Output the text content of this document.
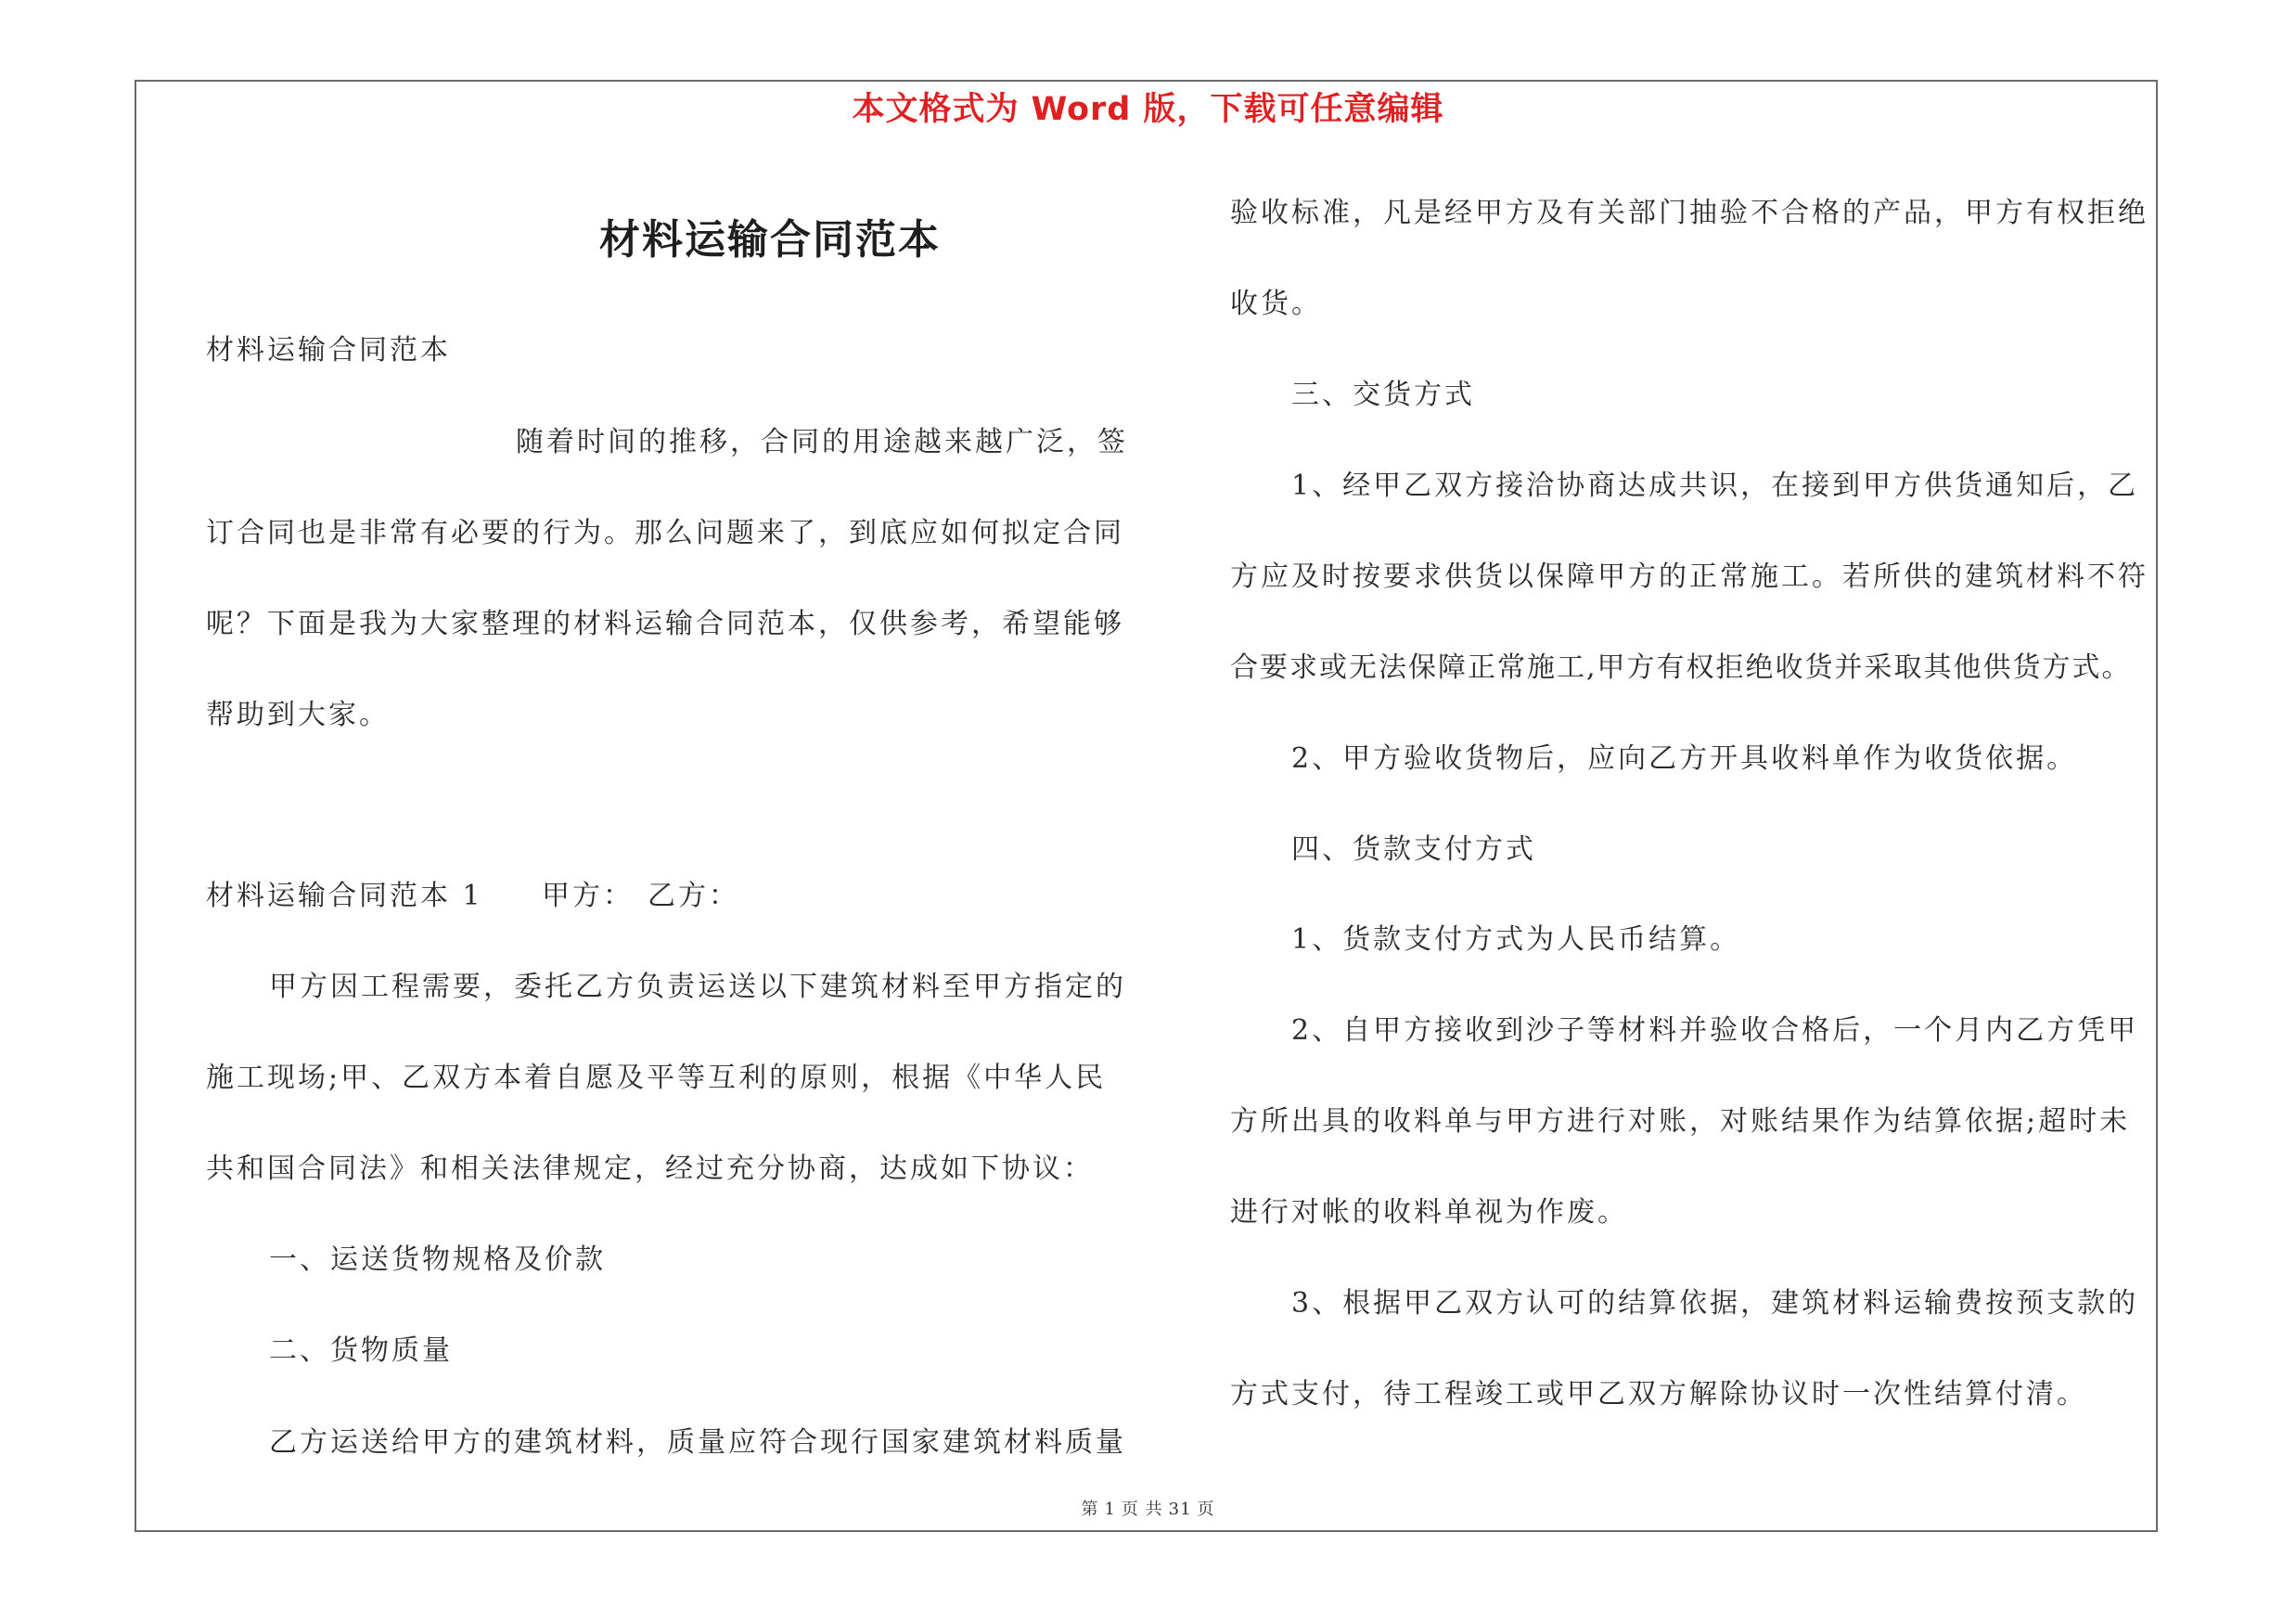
本文格式为 Word 版，下载可任意编辑
材料运输合同范本
材料运输合同范本
随着时间的推移，合同的用途越来越广泛，签
订合同也是非常有必要的行为。那么问题来了，到底应如何拟定合同
呢？下面是我为大家整理的材料运输合同范本，仅供参考，希望能够
帮助到大家。
材料运输合同范本 1 甲方： 乙方：
甲方因工程需要，委托乙方负责运送以下建筑材料至甲方指定的
施工现场;甲、乙双方本着自愿及平等互利的原则，根据《中华人民
共和国合同法》和相关法律规定，经过充分协商，达成如下协议：
一、运送货物规格及价款
二、货物质量
乙方运送给甲方的建筑材料，质量应符合现行国家建筑材料质量
验收标准，凡是经甲方及有关部门抽验不合格的产品，甲方有权拒绝
收货。
三、交货方式
1、经甲乙双方接洽协商达成共识，在接到甲方供货通知后，乙
方应及时按要求供货以保障甲方的正常施工。若所供的建筑材料不符
合要求或无法保障正常施工,甲方有权拒绝收货并采取其他供货方式。
2、甲方验收货物后，应向乙方开具收料单作为收货依据。
四、货款支付方式
1、货款支付方式为人民币结算。
2、自甲方接收到沙子等材料并验收合格后，一个月内乙方凭甲
方所出具的收料单与甲方进行对账，对账结果作为结算依据;超时未
进行对帐的收料单视为作废。
3、根据甲乙双方认可的结算依据，建筑材料运输费按预支款的
方式支付，待工程竣工或甲乙双方解除协议时一次性结算付清。
第 1 页 共 31 页
